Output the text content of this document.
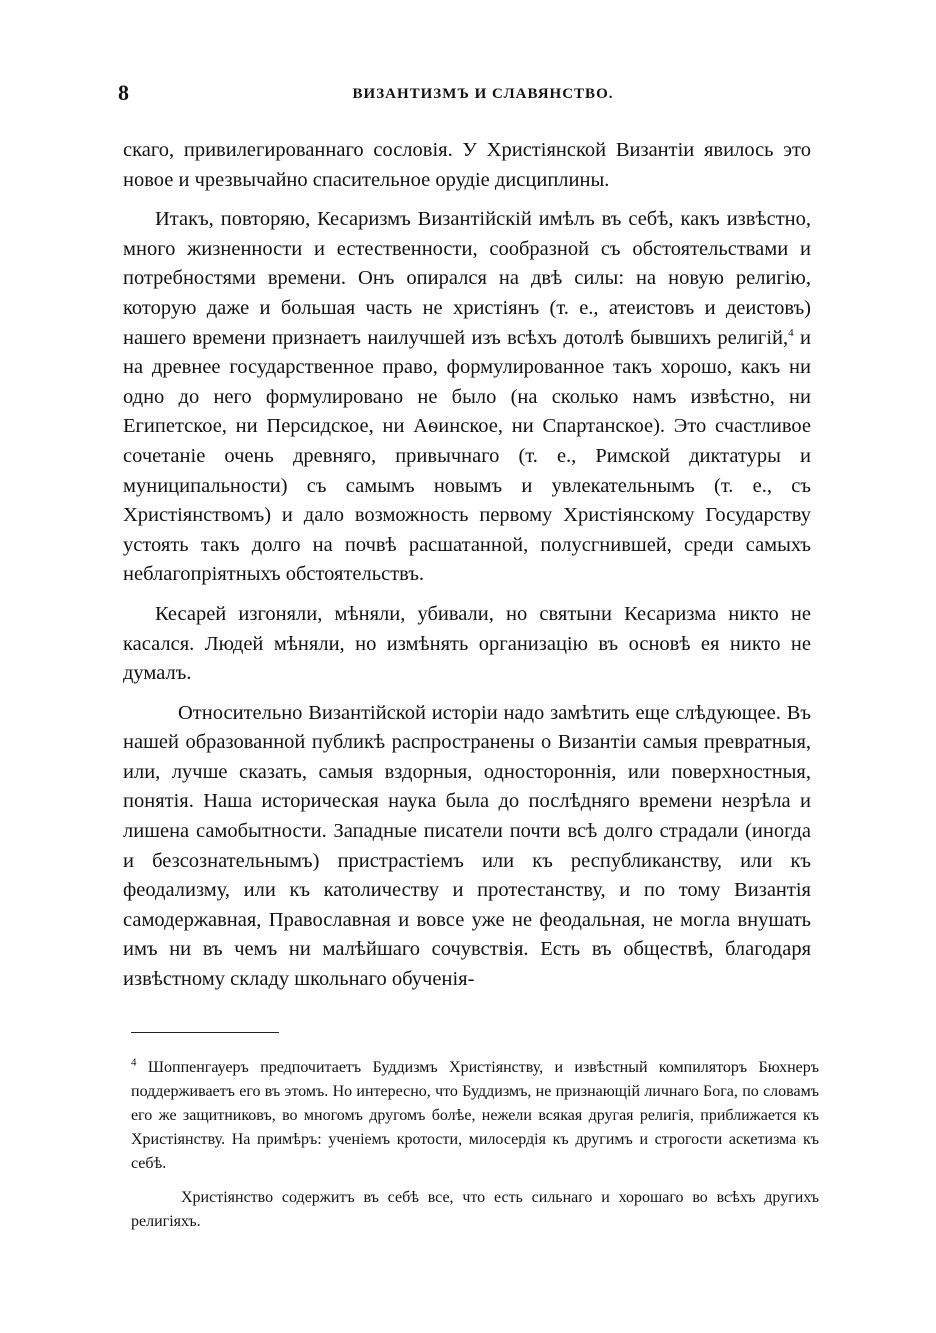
8	ВИЗАНТИЗМЪ И СЛАВЯНСТВО.

скаго, привилегированнаго сословія. У Христіянской Византіи явилось это новое и чрезвычайно спасительное орудіе дисциплины.

Итакъ, повторяю, Кесаризмъ Византійскій имѣлъ въ себѣ, какъ извѣстно, много жизненности и естественности, сообразной съ обстоятельствами и потребностями времени. Онъ опирался на двѣ силы: на новую религію, которую даже и большая часть не христіянъ (т. е., атеистовъ и деистовъ) нашего времени признаетъ наилучшей изъ всѣхъ дотолѣ бывшихъ религій,$^4$ и на древнее государственное право, формулированное такъ хорошо, какъ ни одно до него формулировано не было (на сколько намъ извѣстно, ни Египетское, ни Персидское, ни Аѳинское, ни Спартанское). Это счастливое сочетаніе очень древняго, привычнаго (т. е., Римской диктатуры и муниципальности) съ самымъ новымъ и увлекательнымъ (т. е., съ Христіянствомъ) и дало возможность первому Христіянскому Государству устоять такъ долго на почвѣ расшатанной, полусгнившей, среди самыхъ неблагопріятныхъ обстоятельствъ.

Кесарей изгоняли, мѣняли, убивали, но святыни Кесаризма никто не касался. Людей мѣняли, но измѣнять организацію въ основѣ ея никто не думалъ.

Относительно Византійской исторіи надо замѣтить еще слѣдующее. Въ нашей образованной публикѣ распространены о Византіи самыя превратныя, или, лучше сказать, самыя вздорныя, одностороннія, или поверхностныя, понятія. Наша историческая наука была до послѣдняго времени незрѣла и лишена самобытности. Западные писатели почти всѣ долго страдали (иногда и безсознательнымъ) пристрастіемъ или къ республиканству, или къ феодализму, или къ католичеству и протестанству, и по тому Византія самодержавная, Православная и вовсе уже не феодальная, не могла внушать имъ ни въ чемъ ни малѣйшаго сочувствія. Есть въ обществѣ, благодаря извѣстному складу школьнаго обученія-

$^4$ Шоппенгауеръ предпочитаетъ Буддизмъ Христіянству, и извѣстный компиляторъ Бюхнеръ поддерживаетъ его въ этомъ. Но интересно, что Буддизмъ, не признающій личнаго Бога, по словамъ его же защитниковъ, во многомъ другомъ болѣе, нежели всякая другая религія, приближается къ Христіянству. На примѣръ: ученіемъ кротости, милосердія къ другимъ и строгости аскетизма къ себѣ.

Христіянство содержитъ въ себѣ все, что есть сильнаго и хорошаго во всѣхъ другихъ религіяхъ.
